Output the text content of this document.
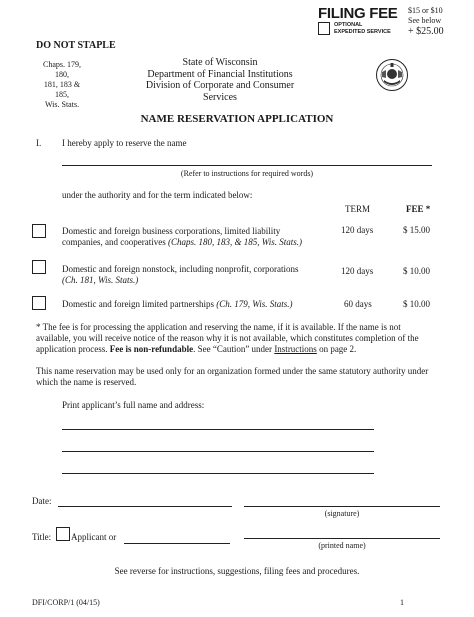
FILING FEE
OPTIONAL EXPEDITED SERVICE
$15 or $10
See below
+ $25.00
DO NOT STAPLE
Chaps. 179, 180,
181, 183 & 185,
Wis. Stats.
State of Wisconsin
Department of Financial Institutions
Division of Corporate and Consumer Services
NAME RESERVATION APPLICATION
I. I hereby apply to reserve the name
(Refer to instructions for required words)
under the authority and for the term indicated below:
TERM	FEE *
Domestic and foreign business corporations, limited liability
companies, and cooperatives (Chaps. 180, 183, & 185, Wis. Stats.)
120 days	$ 15.00
Domestic and foreign nonstock, including nonprofit, corporations
(Ch. 181, Wis. Stats.)
120 days	$ 10.00
Domestic and foreign limited partnerships (Ch. 179, Wis. Stats.)	60 days	$ 10.00
* The fee is for processing the application and reserving the name, if it is available. If the name is not
available, you will receive notice of the reason why it is not available, which constitutes completion of the
application process. Fee is non-refundable. See “Caution” under Instructions on page 2.
This name reservation may be used only for an organization formed under the same statutory authority under
which the name is reserved.
Print applicant’s full name and address:
Date:
(signature)
Title: Applicant or
(printed name)
See reverse for instructions, suggestions, filing fees and procedures.
DFI/CORP/1 (04/15)	1
